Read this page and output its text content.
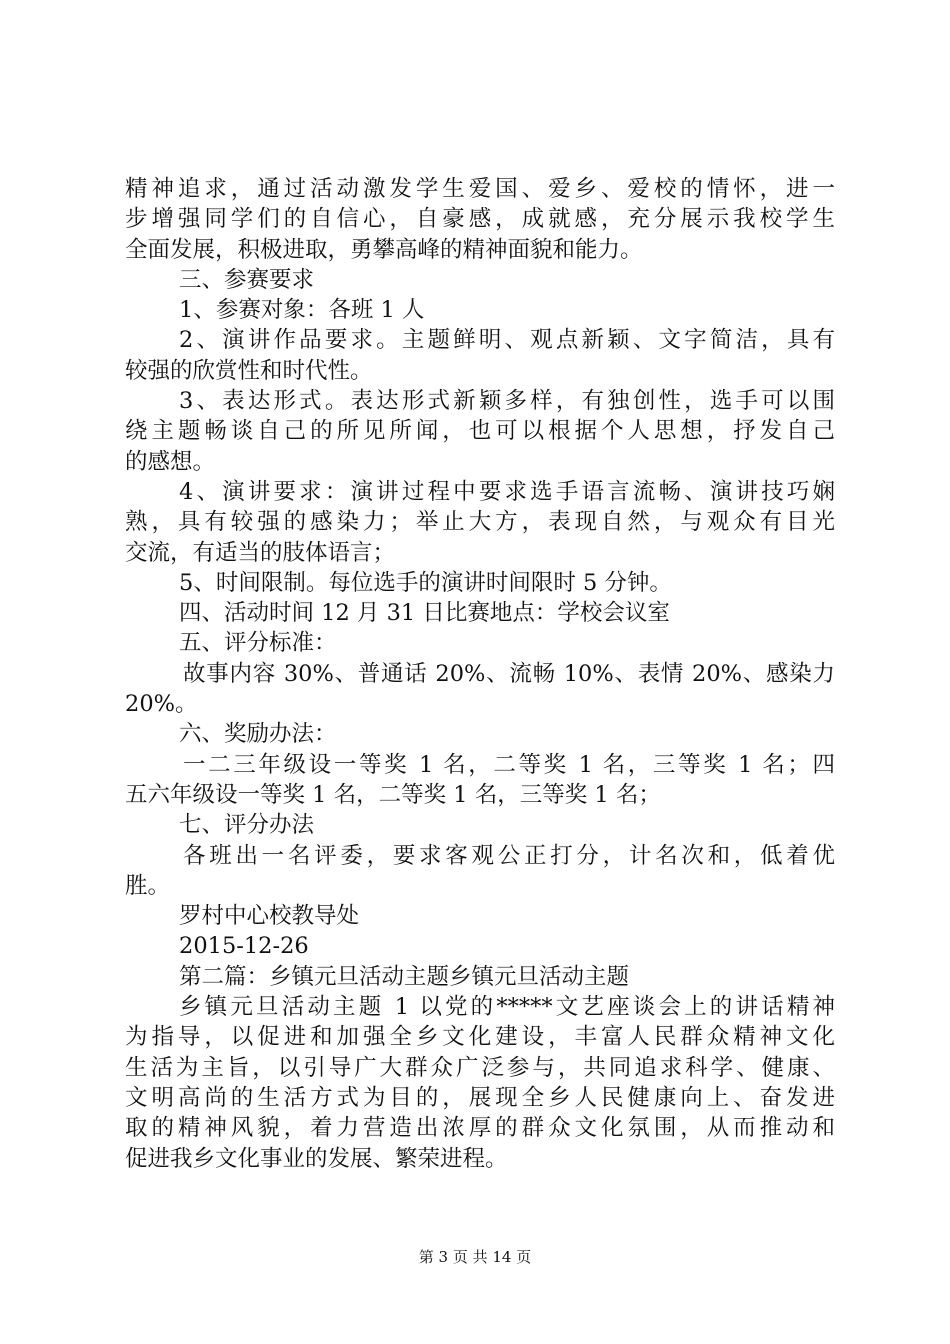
精神追求，通过活动激发学生爱国、爱乡、爱校的情怀，进一
步增强同学们的自信心，自豪感，成就感，充分展示我校学生
全面发展，积极进取，勇攀高峰的精神面貌和能力。
三、参赛要求
1、参赛对象：各班 1 人
2、演讲作品要求。主题鲜明、观点新颖、文字简洁，具有
较强的欣赏性和时代性。
3、表达形式。表达形式新颖多样，有独创性，选手可以围
绕主题畅谈自己的所见所闻，也可以根据个人思想，抒发自己
的感想。
4、演讲要求：演讲过程中要求选手语言流畅、演讲技巧娴
熟，具有较强的感染力；举止大方，表现自然，与观众有目光
交流，有适当的肢体语言；
5、时间限制。每位选手的演讲时间限时 5 分钟。
四、活动时间 12 月 31 日比赛地点：学校会议室
五、评分标准：
故事内容 30%、普通话 20%、流畅 10%、表情 20%、感染力
20%。
六、奖励办法：
一二三年级设一等奖 1 名，二等奖 1 名，三等奖 1 名；四
五六年级设一等奖 1 名，二等奖 1 名，三等奖 1 名；
七、评分办法
各班出一名评委，要求客观公正打分，计名次和，低着优
胜。
罗村中心校教导处
2015-12-26
第二篇：乡镇元旦活动主题乡镇元旦活动主题
乡镇元旦活动主题 1 以党的*****文艺座谈会上的讲话精神
为指导，以促进和加强全乡文化建设，丰富人民群众精神文化
生活为主旨，以引导广大群众广泛参与，共同追求科学、健康、
文明高尚的生活方式为目的，展现全乡人民健康向上、奋发进
取的精神风貌，着力营造出浓厚的群众文化氛围，从而推动和
促进我乡文化事业的发展、繁荣进程。
第 3 页 共 14 页
